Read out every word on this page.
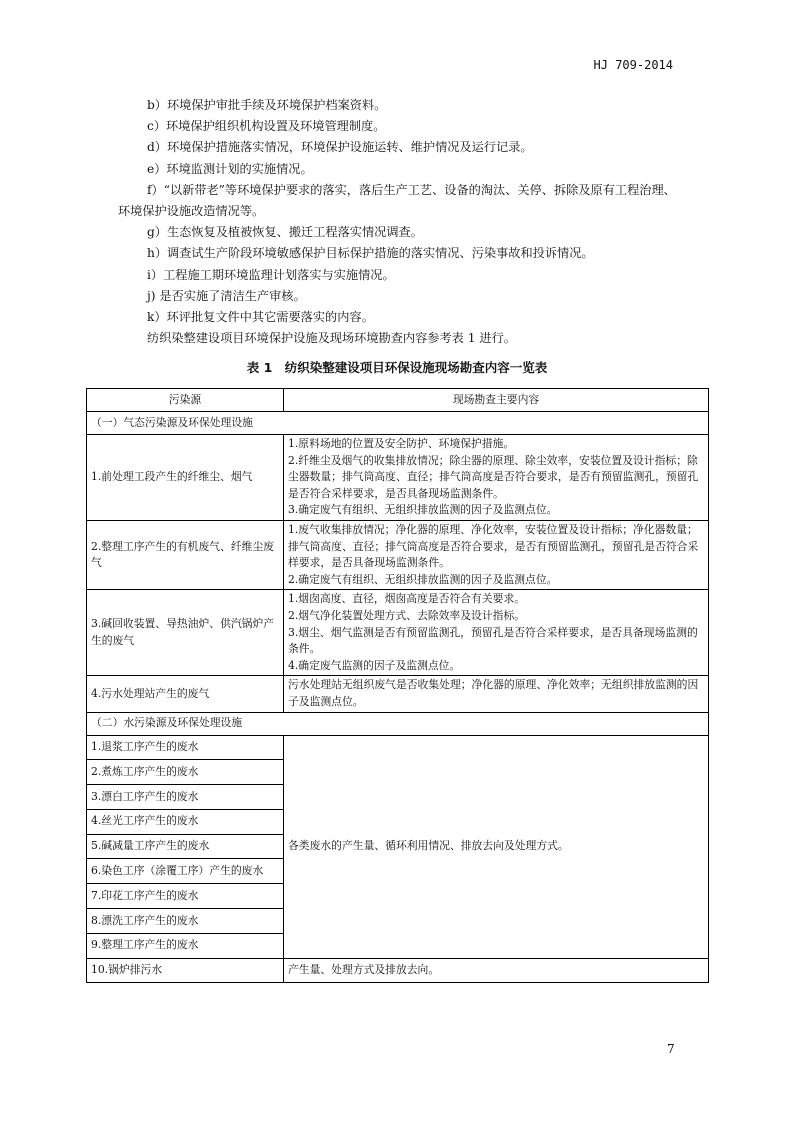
HJ 709-2014

b）环境保护审批手续及环境保护档案资料。

c）环境保护组织机构设置及环境管理制度。

d）环境保护措施落实情况，环境保护设施运转、维护情况及运行记录。

e）环境监测计划的实施情况。

f）“以新带老”等环境保护要求的落实，落后生产工艺、设备的淘汰、关停、拆除及原有工程治理、环境保护设施改造情况等。

g）生态恢复及植被恢复、搬迁工程落实情况调查。

h）调查试生产阶段环境敏感保护目标保护措施的落实情况、污染事故和投诉情况。

i）工程施工期环境监理计划落实与实施情况。

j) 是否实施了清洁生产审核。

k）环评批复文件中其它需要落实的内容。

纺织染整建设项目环境保护设施及现场环境勘查内容参考表 1 进行。

表 1　纺织染整建设项目环保设施现场勘查内容一览表
污染源	现场勘查主要内容
（一）气态污染源及环保处理设施	
1.前处理工段产生的纤维尘、烟气	1.原料场地的位置及安全防护、环境保护措施。
2.纤维尘及烟气的收集排放情况；除尘器的原理、除尘效率，安装位置及设计指标；除尘器数量；排气筒高度、直径；排气筒高度是否符合要求，是否有预留监测孔，预留孔是否符合采样要求，是否具备现场监测条件。
3.确定废气有组织、无组织排放监测的因子及监测点位。

2.整理工序产生的有机废气、纤维尘废气	1.废气收集排放情况；净化器的原理、净化效率，安装位置及设计指标；净化器数量；排气筒高度、直径；排气筒高度是否符合要求，是否有预留监测孔，预留孔是否符合采样要求，是否具备现场监测条件。
2.确定废气有组织、无组织排放监测的因子及监测点位。

3.碱回收装置、导热油炉、供汽锅炉产生的废气	1.烟囱高度、直径，烟囱高度是否符合有关要求。
2.烟气净化装置处理方式、去除效率及设计指标。
3.烟尘、烟气监测是否有预留监测孔，预留孔是否符合采样要求，是否具备现场监测的条件。
4.确定废气监测的因子及监测点位。

4.污水处理站产生的废气	污水处理站无组织废气是否收集处理；净化器的原理、净化效率；无组织排放监测的因子及监测点位。
（二）水污染源及环保处理设施	
1.退浆工序产生的废水	各类废水的产生量、循环利用情况、排放去向及处理方式。
2.煮炼工序产生的废水	
3.漂白工序产生的废水	
4.丝光工序产生的废水	
5.碱减量工序产生的废水	
6.染色工序（涂覆工序）产生的废水	
7.印花工序产生的废水	
8.漂洗工序产生的废水	
9.整理工序产生的废水	
10.锅炉排污水	产生量、处理方式及排放去向。
7
